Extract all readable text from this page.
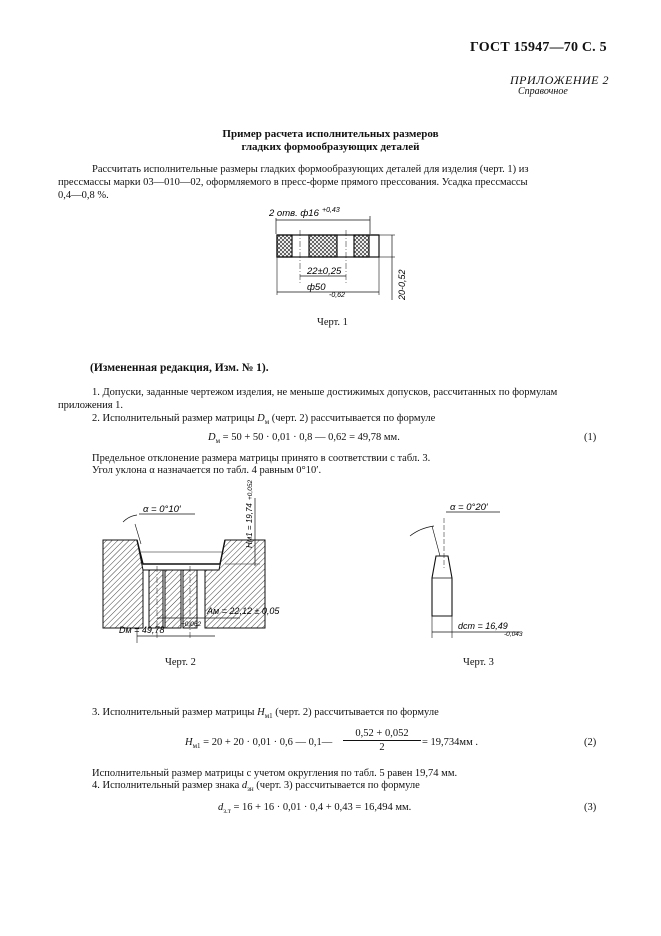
ГОСТ 15947—70 С. 5
ПРИЛОЖЕНИЕ 2
Справочное
Пример расчета исполнительных размеров
гладких формообразующих деталей
Рассчитать исполнительные размеры гладких формообразующих деталей для изделия (черт. 1) из
прессмассы марки 03—010—02, оформляемого в пресс-форме прямого прессования. Усадка прессмассы
0,4—0,8 %.
2 отв. ф16 +0,43
22±0,25
ф50
-0,62	20-0,52
Черт. 1
(Измененная редакция, Изм. № 1).
1. Допуски, заданные чертежом изделия, не меньше достижимых допусков, рассчитанных по формулам
приложения 1.
2. Исполнительный размер матрицы $D_м$ (черт. 2) рассчитывается по формуле
$D_м = 50 + 50 \cdot 0,01 \cdot 0,8$ — 0,62 = 49,78 мм.	(1)
Предельное отклонение размера матрицы принято в соответствии с табл. 3.
Угол уклона α назначается по табл. 4 равным 0°10′.
α = 0°10′	Hм1 = 19,74
+0,052
Aм = 22,12 ± 0,05
Dм = 49,78
+0,062
Черт. 2
α = 0°20′
dст = 16,49
-0,043
Черт. 3
3. Исполнительный размер матрицы $H_{м1}$ (черт. 2) рассчитывается по формуле
$H_{м1} = 20 + 20 \cdot 0,01 \cdot 0,6$ — 0,1— $\frac{0,52 + 0,052}{2} = 19,734мм$ .	(2)
Исполнительный размер матрицы с учетом округления по табл. 5 равен 19,74 мм.
4. Исполнительный размер знака $d_{зн}$ (черт. 3) рассчитывается по формуле
$d_{з.т} = 16 + 16 \cdot 0,01 \cdot 0,4 + 0,43 = 16,494$ мм.	(3)
